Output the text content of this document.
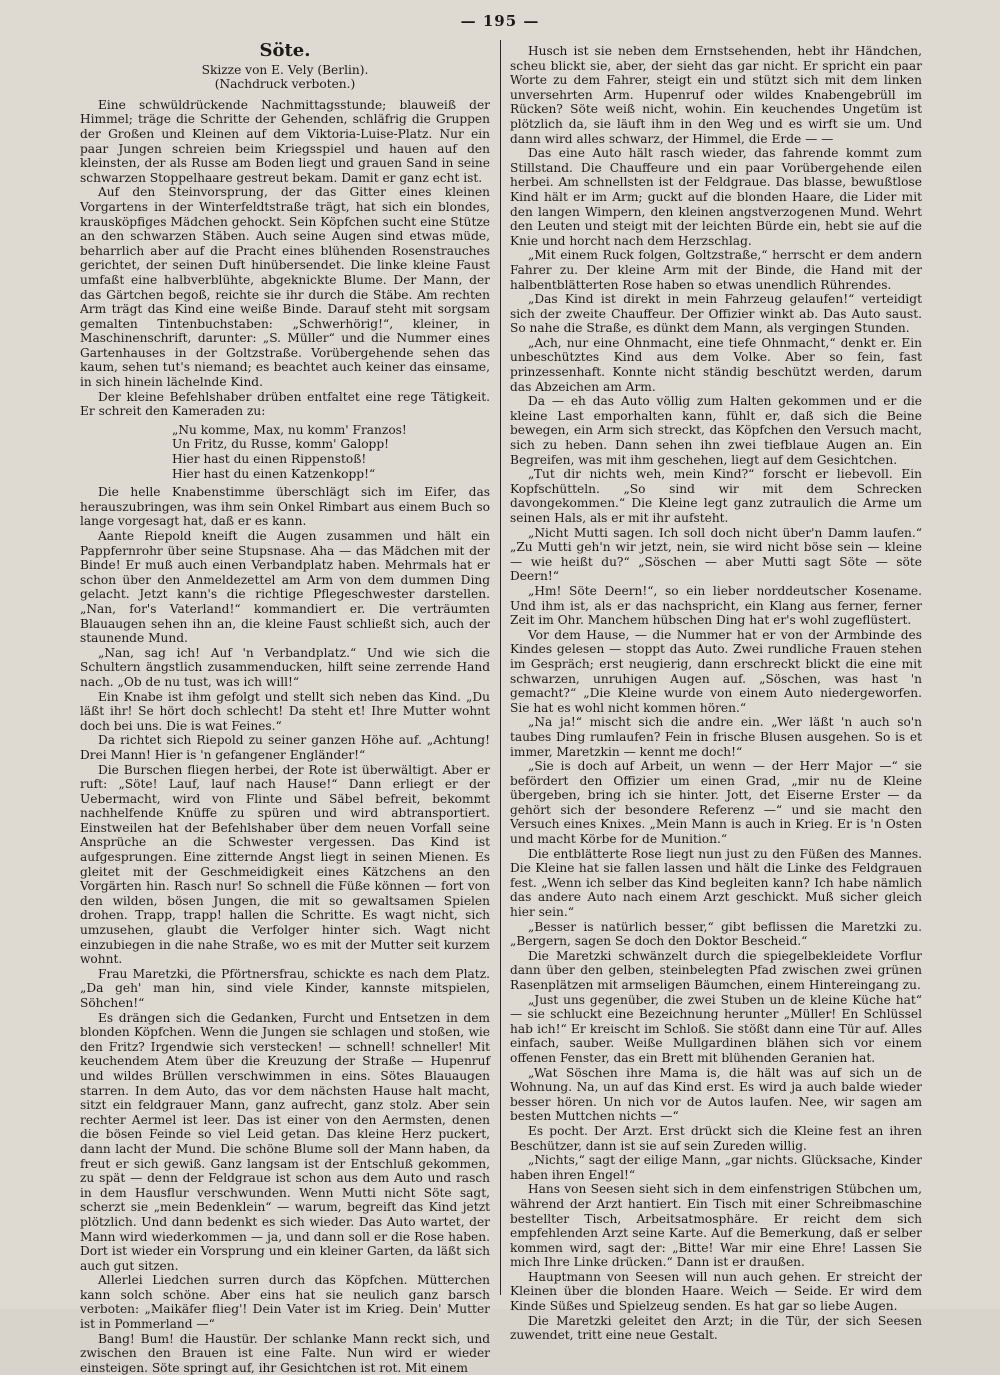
— 195 —
Söte.
Skizze von E. Vely (Berlin).
(Nachdruck verboten.)

Eine schwüldrückende Nachmittagsstunde; blauweiß der Himmel; träge die Schritte der Gehenden, schläfrig die Gruppen der Großen und Kleinen auf dem Viktoria-Luise-Platz. Nur ein paar Jungen schreien beim Kriegsspiel und hauen auf den kleinsten, der als Russe am Boden liegt und grauen Sand in seine schwarzen Stoppelhaare gestreut bekam. Damit er ganz echt ist.

Auf den Steinvorsprung, der das Gitter eines kleinen Vorgartens in der Winterfeldtstraße trägt, hat sich ein blondes, krausköpfiges Mädchen gehockt. Sein Köpfchen sucht eine Stütze an den schwarzen Stäben. Auch seine Augen sind etwas müde, beharrlich aber auf die Pracht eines blühenden Rosenstrauches gerichtet, der seinen Duft hinübersendet. Die linke kleine Faust umfaßt eine halbverblühte, abgeknickte Blume. Der Mann, der das Gärtchen begoß, reichte sie ihr durch die Stäbe. Am rechten Arm trägt das Kind eine weiße Binde. Darauf steht mit sorgsam gemalten Tintenbuchstaben: „Schwerhörig!“, kleiner, in Maschinenschrift, darunter: „S. Müller“ und die Nummer eines Gartenhauses in der Goltzstraße. Vorübergehende sehen das kaum, sehen tut's niemand; es beachtet auch keiner das einsame, in sich hinein lächelnde Kind.

Der kleine Befehlshaber drüben entfaltet eine rege Tätigkeit. Er schreit den Kameraden zu:

„Nu komme, Max, nu komm' Franzos!
Un Fritz, du Russe, komm' Galopp!
Hier hast du einen Rippenstoß!
Hier hast du einen Katzenkopp!“

Die helle Knabenstimme überschlägt sich im Eifer, das herauszubringen, was ihm sein Onkel Rimbart aus einem Buch so lange vorgesagt hat, daß er es kann.

Aante Riepold kneift die Augen zusammen und hält ein Pappfernrohr über seine Stupsnase. Aha — das Mädchen mit der Binde! Er muß auch einen Verbandplatz haben. Mehrmals hat er schon über den Anmeldezettel am Arm von dem dummen Ding gelacht. Jetzt kann's die richtige Pflegeschwester darstellen. „Nan, for's Vaterland!“ kommandiert er. Die verträumten Blauaugen sehen ihn an, die kleine Faust schließt sich, auch der staunende Mund.

„Nan, sag ich! Auf 'n Verbandplatz.“ Und wie sich die Schultern ängstlich zusammenducken, hilft seine zerrende Hand nach. „Ob de nu tust, was ich will!“

Ein Knabe ist ihm gefolgt und stellt sich neben das Kind. „Du läßt ihr! Se hört doch schlecht! Da steht et! Ihre Mutter wohnt doch bei uns. Die is wat Feines.“

Da richtet sich Riepold zu seiner ganzen Höhe auf. „Achtung! Drei Mann! Hier is 'n gefangener Engländer!“

Die Burschen fliegen herbei, der Rote ist überwältigt. Aber er ruft: „Söte! Lauf, lauf nach Hause!“ Dann erliegt er der Uebermacht, wird von Flinte und Säbel befreit, bekommt nachhelfende Knüffe zu spüren und wird abtransportiert. Einstweilen hat der Befehlshaber über dem neuen Vorfall seine Ansprüche an die Schwester vergessen. Das Kind ist aufgesprungen. Eine zitternde Angst liegt in seinen Mienen. Es gleitet mit der Geschmeidigkeit eines Kätzchens an den Vorgärten hin. Rasch nur! So schnell die Füße können — fort von den wilden, bösen Jungen, die mit so gewaltsamen Spielen drohen. Trapp, trapp! hallen die Schritte. Es wagt nicht, sich umzusehen, glaubt die Verfolger hinter sich. Wagt nicht einzubiegen in die nahe Straße, wo es mit der Mutter seit kurzem wohnt.

Frau Maretzki, die Pförtnersfrau, schickte es nach dem Platz. „Da geh' man hin, sind viele Kinder, kannste mitspielen, Söhchen!“

Es drängen sich die Gedanken, Furcht und Entsetzen in dem blonden Köpfchen. Wenn die Jungen sie schlagen und stoßen, wie den Fritz? Irgendwie sich verstecken! — schnell! schneller! Mit keuchendem Atem über die Kreuzung der Straße — Hupenruf und wildes Brüllen verschwimmen in eins. Sötes Blauaugen starren. In dem Auto, das vor dem nächsten Hause halt macht, sitzt ein feldgrauer Mann, ganz aufrecht, ganz stolz. Aber sein rechter Aermel ist leer. Das ist einer von den Aermsten, denen die bösen Feinde so viel Leid getan. Das kleine Herz puckert, dann lacht der Mund. Die schöne Blume soll der Mann haben, da freut er sich gewiß. Ganz langsam ist der Entschluß gekommen, zu spät — denn der Feldgraue ist schon aus dem Auto und rasch in dem Hausflur verschwunden. Wenn Mutti nicht Söte sagt, scherzt sie „mein Bedenklein“ — warum, begreift das Kind jetzt plötzlich. Und dann bedenkt es sich wieder. Das Auto wartet, der Mann wird wiederkommen — ja, und dann soll er die Rose haben. Dort ist wieder ein Vorsprung und ein kleiner Garten, da läßt sich auch gut sitzen.

Allerlei Liedchen surren durch das Köpfchen. Mütterchen kann solch schöne. Aber eins hat sie neulich ganz barsch verboten: „Maikäfer flieg'! Dein Vater ist im Krieg. Dein' Mutter ist in Pommerland —“

Bang! Bum! die Haustür. Der schlanke Mann reckt sich, und zwischen den Brauen ist eine Falte. Nun wird er wieder einsteigen. Söte springt auf, ihr Gesichtchen ist rot. Mit einem

Husch ist sie neben dem Ernstsehenden, hebt ihr Händchen, scheu blickt sie, aber, der sieht das gar nicht. Er spricht ein paar Worte zu dem Fahrer, steigt ein und stützt sich mit dem linken unversehrten Arm. Hupenruf oder wildes Knabengebrüll im Rücken? Söte weiß nicht, wohin. Ein keuchendes Ungetüm ist plötzlich da, sie läuft ihm in den Weg und es wirft sie um. Und dann wird alles schwarz, der Himmel, die Erde — —

Das eine Auto hält rasch wieder, das fahrende kommt zum Stillstand. Die Chauffeure und ein paar Vorübergehende eilen herbei. Am schnellsten ist der Feldgraue. Das blasse, bewußtlose Kind hält er im Arm; guckt auf die blonden Haare, die Lider mit den langen Wimpern, den kleinen angstverzogenen Mund. Wehrt den Leuten und steigt mit der leichten Bürde ein, hebt sie auf die Knie und horcht nach dem Herzschlag.

„Mit einem Ruck folgen, Goltzstraße,“ herrscht er dem andern Fahrer zu. Der kleine Arm mit der Binde, die Hand mit der halbentblätterten Rose haben so etwas unendlich Rührendes.

„Das Kind ist direkt in mein Fahrzeug gelaufen!“ verteidigt sich der zweite Chauffeur. Der Offizier winkt ab. Das Auto saust. So nahe die Straße, es dünkt dem Mann, als vergingen Stunden.

„Ach, nur eine Ohnmacht, eine tiefe Ohnmacht,“ denkt er. Ein unbeschütztes Kind aus dem Volke. Aber so fein, fast prinzessenhaft. Konnte nicht ständig beschützt werden, darum das Abzeichen am Arm.

Da — eh das Auto völlig zum Halten gekommen und er die kleine Last emporhalten kann, fühlt er, daß sich die Beine bewegen, ein Arm sich streckt, das Köpfchen den Versuch macht, sich zu heben. Dann sehen ihn zwei tiefblaue Augen an. Ein Begreifen, was mit ihm geschehen, liegt auf dem Gesichtchen.

„Tut dir nichts weh, mein Kind?“ forscht er liebevoll. Ein Kopfschütteln. „So sind wir mit dem Schrecken davongekommen.“ Die Kleine legt ganz zutraulich die Arme um seinen Hals, als er mit ihr aufsteht.

„Nicht Mutti sagen. Ich soll doch nicht über'n Damm laufen.“ „Zu Mutti geh'n wir jetzt, nein, sie wird nicht böse sein — kleine — wie heißt du?“ „Söschen — aber Mutti sagt Söte — söte Deern!“

„Hm! Söte Deern!“, so ein lieber norddeutscher Kosename. Und ihm ist, als er das nachspricht, ein Klang aus ferner, ferner Zeit im Ohr. Manchem hübschen Ding hat er's wohl zugeflüstert.

Vor dem Hause, — die Nummer hat er von der Armbinde des Kindes gelesen — stoppt das Auto. Zwei rundliche Frauen stehen im Gespräch; erst neugierig, dann erschreckt blickt die eine mit schwarzen, unruhigen Augen auf. „Söschen, was hast 'n gemacht?“ „Die Kleine wurde von einem Auto niedergeworfen. Sie hat es wohl nicht kommen hören.“

„Na ja!“ mischt sich die andre ein. „Wer läßt 'n auch so'n taubes Ding rumlaufen? Fein in frische Blusen ausgehen. So is et immer, Maretzkin — kennt me doch!“

„Sie is doch auf Arbeit, un wenn — der Herr Major —“ sie befördert den Offizier um einen Grad, „mir nu de Kleine übergeben, bring ich sie hinter. Jott, det Eiserne Erster — da gehört sich der besondere Referenz —“ und sie macht den Versuch eines Knixes. „Mein Mann is auch in Krieg. Er is 'n Osten und macht Körbe for de Munition.“

Die entblätterte Rose liegt nun just zu den Füßen des Mannes. Die Kleine hat sie fallen lassen und hält die Linke des Feldgrauen fest. „Wenn ich selber das Kind begleiten kann? Ich habe nämlich das andere Auto nach einem Arzt geschickt. Muß sicher gleich hier sein.“

„Besser is natürlich besser,“ gibt beflissen die Maretzki zu. „Bergern, sagen Se doch den Doktor Bescheid.“

Die Maretzki schwänzelt durch die spiegelbekleidete Vorflur dann über den gelben, steinbelegten Pfad zwischen zwei grünen Rasenplätzen mit armseligen Bäumchen, einem Hintereingang zu.

„Just uns gegenüber, die zwei Stuben un de kleine Küche hat“ — sie schluckt eine Bezeichnung herunter „Müller! En Schlüssel hab ich!“ Er kreischt im Schloß. Sie stößt dann eine Tür auf. Alles einfach, sauber. Weiße Mullgardinen blähen sich vor einem offenen Fenster, das ein Brett mit blühenden Geranien hat.

„Wat Söschen ihre Mama is, die hält was auf sich un de Wohnung. Na, un auf das Kind erst. Es wird ja auch balde wieder besser hören. Un nich vor de Autos laufen. Nee, wir sagen am besten Muttchen nichts —“

Es pocht. Der Arzt. Erst drückt sich die Kleine fest an ihren Beschützer, dann ist sie auf sein Zureden willig.

„Nichts,“ sagt der eilige Mann, „gar nichts. Glücksache, Kinder haben ihren Engel!“

Hans von Seesen sieht sich in dem einfenstrigen Stübchen um, während der Arzt hantiert. Ein Tisch mit einer Schreibmaschine bestellter Tisch, Arbeitsatmosphäre. Er reicht dem sich empfehlenden Arzt seine Karte. Auf die Bemerkung, daß er selber kommen wird, sagt der: „Bitte! War mir eine Ehre! Lassen Sie mich Ihre Linke drücken.“ Dann ist er draußen.

Hauptmann von Seesen will nun auch gehen. Er streicht der Kleinen über die blonden Haare. Weich — Seide. Er wird dem Kinde Süßes und Spielzeug senden. Es hat gar so liebe Augen.

Die Maretzki geleitet den Arzt; in die Tür, der sich Seesen zuwendet, tritt eine neue Gestalt.
